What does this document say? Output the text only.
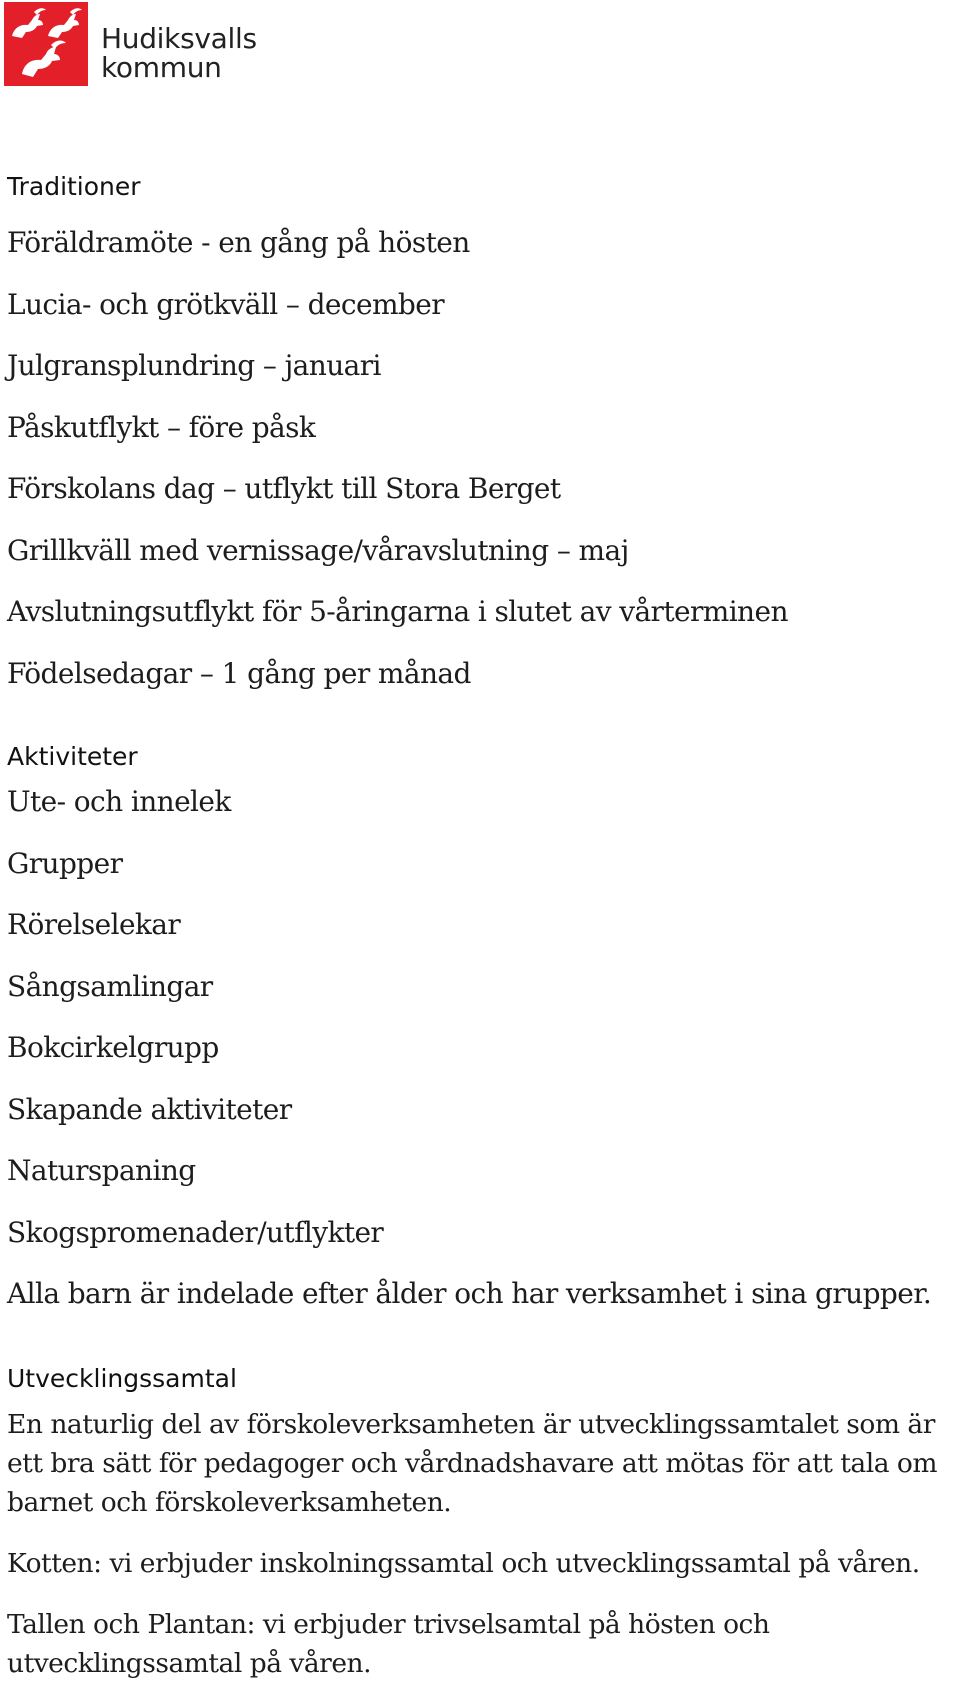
Hudiksvalls
kommun
Traditioner

Föräldramöte - en gång på hösten

Lucia- och grötkväll – december

Julgransplundring – januari

Påskutflykt – före påsk

Förskolans dag – utflykt till Stora Berget

Grillkväll med vernissage/våravslutning – maj

Avslutningsutflykt för 5-åringarna i slutet av vårterminen

Födelsedagar – 1 gång per månad

Aktiviteter

Ute- och innelek

Grupper

Rörelselekar

Sångsamlingar

Bokcirkelgrupp

Skapande aktiviteter

Naturspaning

Skogspromenader/utflykter

Alla barn är indelade efter ålder och har verksamhet i sina grupper.

Utvecklingssamtal

En naturlig del av förskoleverksamheten är utvecklingssamtalet som är ett bra sätt för pedagoger och vårdnadshavare att mötas för att tala om barnet och förskoleverksamheten.

Kotten: vi erbjuder inskolningssamtal och utvecklingssamtal på våren.

Tallen och Plantan: vi erbjuder trivselsamtal på hösten och utvecklingssamtal på våren.
